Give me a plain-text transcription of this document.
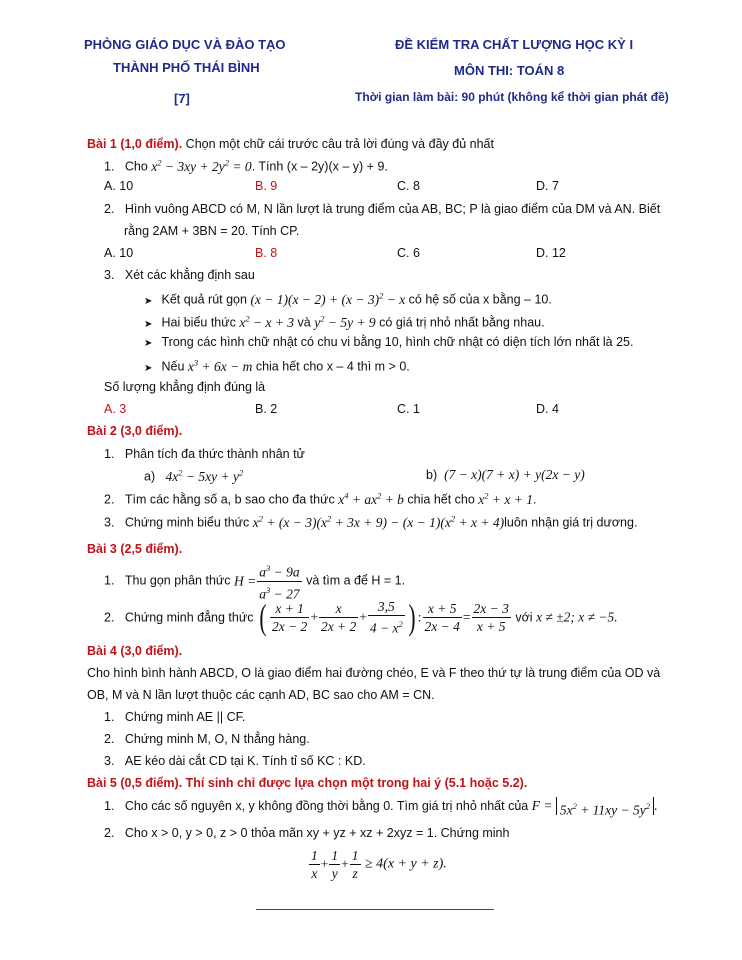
PHÒNG GIÁO DỤC VÀ ĐÀO TẠO
THÀNH PHỐ THÁI BÌNH
[7]
ĐỀ KIỂM TRA CHẤT LƯỢNG HỌC KỲ I
MÔN THI: TOÁN 8
Thời gian làm bài: 90 phút (không kể thời gian phát đề)
Bài 1 (1,0 điểm). Chọn một chữ cái trước câu trả lời đúng và đầy đủ nhất
1. Cho $x^2 - 3xy + 2y^2 = 0$. Tính (x – 2y)(x – y) + 9.
A. 10	B. 9	C. 8	D. 7
2. Hình vuông ABCD có M, N lần lượt là trung điểm của AB, BC; P là giao điểm của DM và AN. Biết
rằng 2AM + 3BN = 20. Tính CP.
A. 10	B. 8	C. 6	D. 12
3. Xét các khẳng định sau
➤ Kết quả rút gọn $(x - 1)(x - 2) + (x - 3)^2 - x$ có hệ số của x bằng – 10.
➤ Hai biểu thức $x^2 - x + 3$ và $y^2 - 5y + 9$ có giá trị nhỏ nhất bằng nhau.
➤ Trong các hình chữ nhật có chu vi bằng 10, hình chữ nhật có diện tích lớn nhất là 25.
➤ Nếu $x^3 + 6x - m$ chia hết cho x – 4 thì m > 0.
Số lượng khẳng định đúng là
A. 3	B. 2	C. 1	D. 4
Bài 2 (3,0 điểm).
1. Phân tích đa thức thành nhân tử
a) $4x^2 - 5xy + y^2$	b) (7 − x)(7 + x) + y(2x − y)
2. Tìm các hằng số a, b sao cho đa thức $x^4 + ax^2 + b$ chia hết cho $x^2 + x + 1$.
3. Chứng minh biểu thức $x^2 + (x - 3)(x^2 + 3x + 9) - (x - 1)(x^2 + x$ + 4)luôn nhận giá trị dương.
Bài 3 (2,5 điểm).
1. Thu gọn phân thức $H = \frac{a^3 - 9a}{a^3 - 27}$ và tìm a để H = 1.
2. Chứng minh đẳng thức ( $\frac{x + 1}{2x - 2} + \frac{x}{2x + 2} + \frac{3,5}{4 - x^2}$ ) : $\frac{x + 5}{2x - 4} = \frac{2x - 3}{x + 5}$ với x ≠ ±2; x ≠ −5.
Bài 4 (3,0 điểm).
Cho hình bình hành ABCD, O là giao điểm hai đường chéo, E và F theo thứ tự là trung điểm của OD và
OB, M và N lần lượt thuộc các cạnh AD, BC sao cho AM = CN.
1. Chứng minh AE || CF.
2. Chứng minh M, O, N thẳng hàng.
3. AE kéo dài cắt CD tại K. Tính tỉ số KC : KD.
Bài 5 (0,5 điểm). Thí sinh chỉ được lựa chọn một trong hai ý (5.1 hoặc 5.2).
1. Cho các số nguyên x, y không đồng thời bằng 0. Tìm giá trị nhỏ nhất của $F = 5x^2 + 11xy - 5y^2$ .
2. Cho x > 0, y > 0, z > 0 thỏa mãn xy + yz + xz + 2xyz = 1. Chứng minh
$\frac{1}{x} + \frac{1}{y} + \frac{1}{z} \ge 4(x + y + z)$.
